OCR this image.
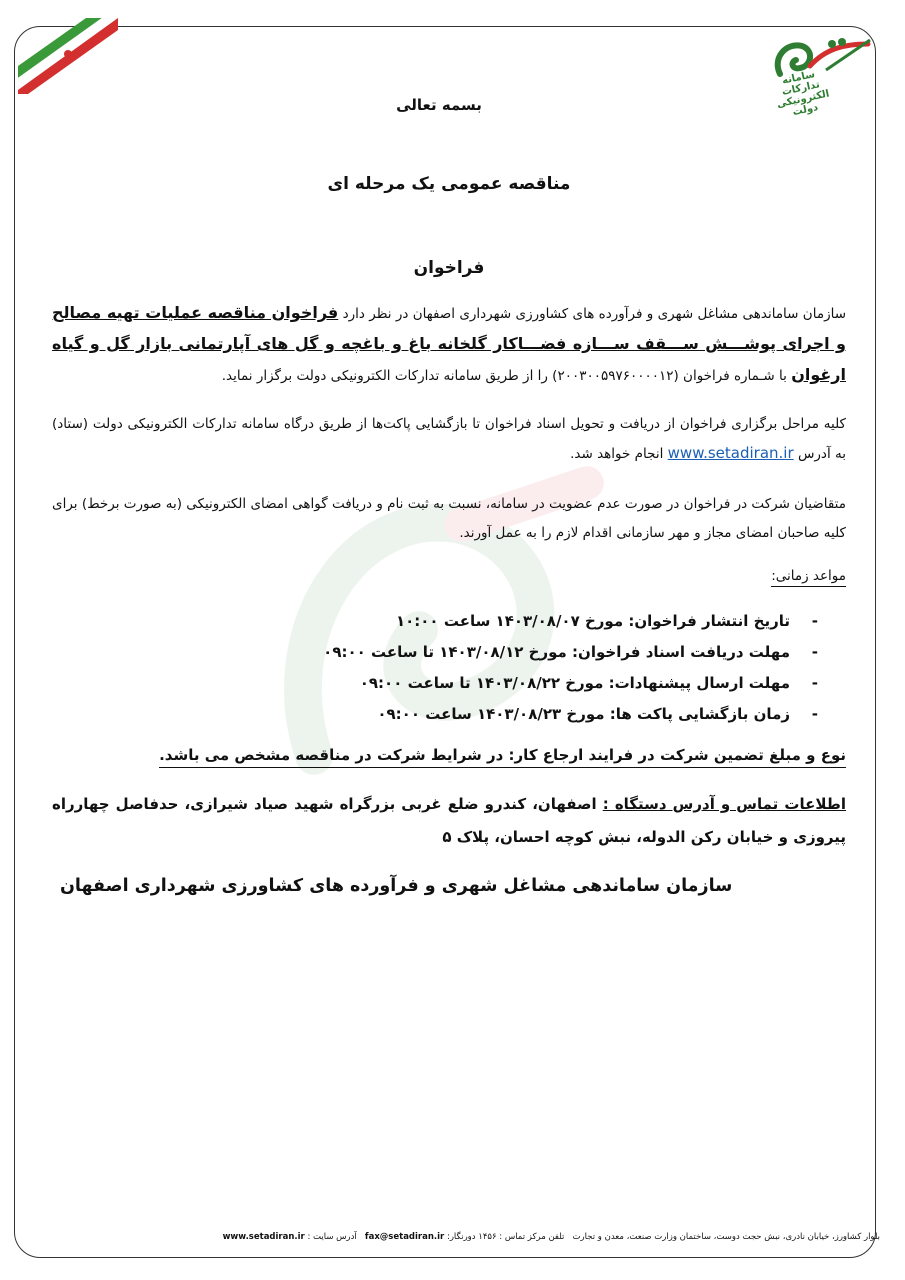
سامانه تدارکات الکترونیکی دولت
بسمه تعالی
مناقصه عمومی یک مرحله ای
فراخوان
سازمان ساماندهی مشاغل شهری و فرآورده های کشاورزی شهرداری اصفهان در نظر دارد فراخوان مناقصه عملیات تهیه مصالح و اجرای پوشـــش ســـقف ســـازه فضـــاکار گلخانه باغ و باغچه و گل های آپارتمانی بازار گل و گیاه ارغوان با شـماره فراخوان (۲۰۰۳۰۰۵۹۷۶۰۰۰۰۱۲) را از طریق سامانه تدارکات الکترونیکی دولت برگزار نماید.
کلیه مراحل برگزاری فراخوان از دریافت و تحویل اسناد فراخوان تا بازگشایی پاکت‌ها از طریق درگاه سامانه تدارکات الکترونیکی دولت (ستاد) به آدرس www.setadiran.ir انجام خواهد شد.
متقاضیان شرکت در فراخوان در صورت عدم عضویت در سامانه، نسبت به ثبت نام و دریافت گواهی امضای الکترونیکی (به صورت برخط) برای کلیه صاحبان امضای مجاز و مهر سازمانی اقدام لازم را به عمل آورند.
مواعد زمانی:
-تاریخ انتشار فراخوان: مورخ ۱۴۰۳/۰۸/۰۷ ساعت ۱۰:۰۰
-مهلت دریافت اسناد فراخوان: مورخ ۱۴۰۳/۰۸/۱۲ تا ساعت ۰۹:۰۰
-مهلت ارسال پیشنهادات: مورخ ۱۴۰۳/۰۸/۲۲ تا ساعت ۰۹:۰۰
-زمان بازگشایی پاکت ها: مورخ ۱۴۰۳/۰۸/۲۳ ساعت ۰۹:۰۰
نوع و مبلغ تضمین شرکت در فرایند ارجاع کار: در شرایط شرکت در مناقصه مشخص می باشد.
اطلاعات تماس و آدرس دستگاه : اصفهان، کندرو ضلع غربی بزرگراه شهید صیاد شیرازی، حدفاصل چهارراه پیروزی و خیابان رکن الدوله، نبش کوچه احسان، پلاک ۵
سازمان ساماندهی مشاغل شهری و فرآورده های کشاورزی شهرداری اصفهان
بلوار کشاورز، خیابان نادری، نبش حجت دوست، ساختمان وزارت صنعت، معدن و تجارت   تلفن مرکز تماس : ۱۴۵۶ دورنگار: fax@setadiran.ir   آدرس سایت : www.setadiran.ir
